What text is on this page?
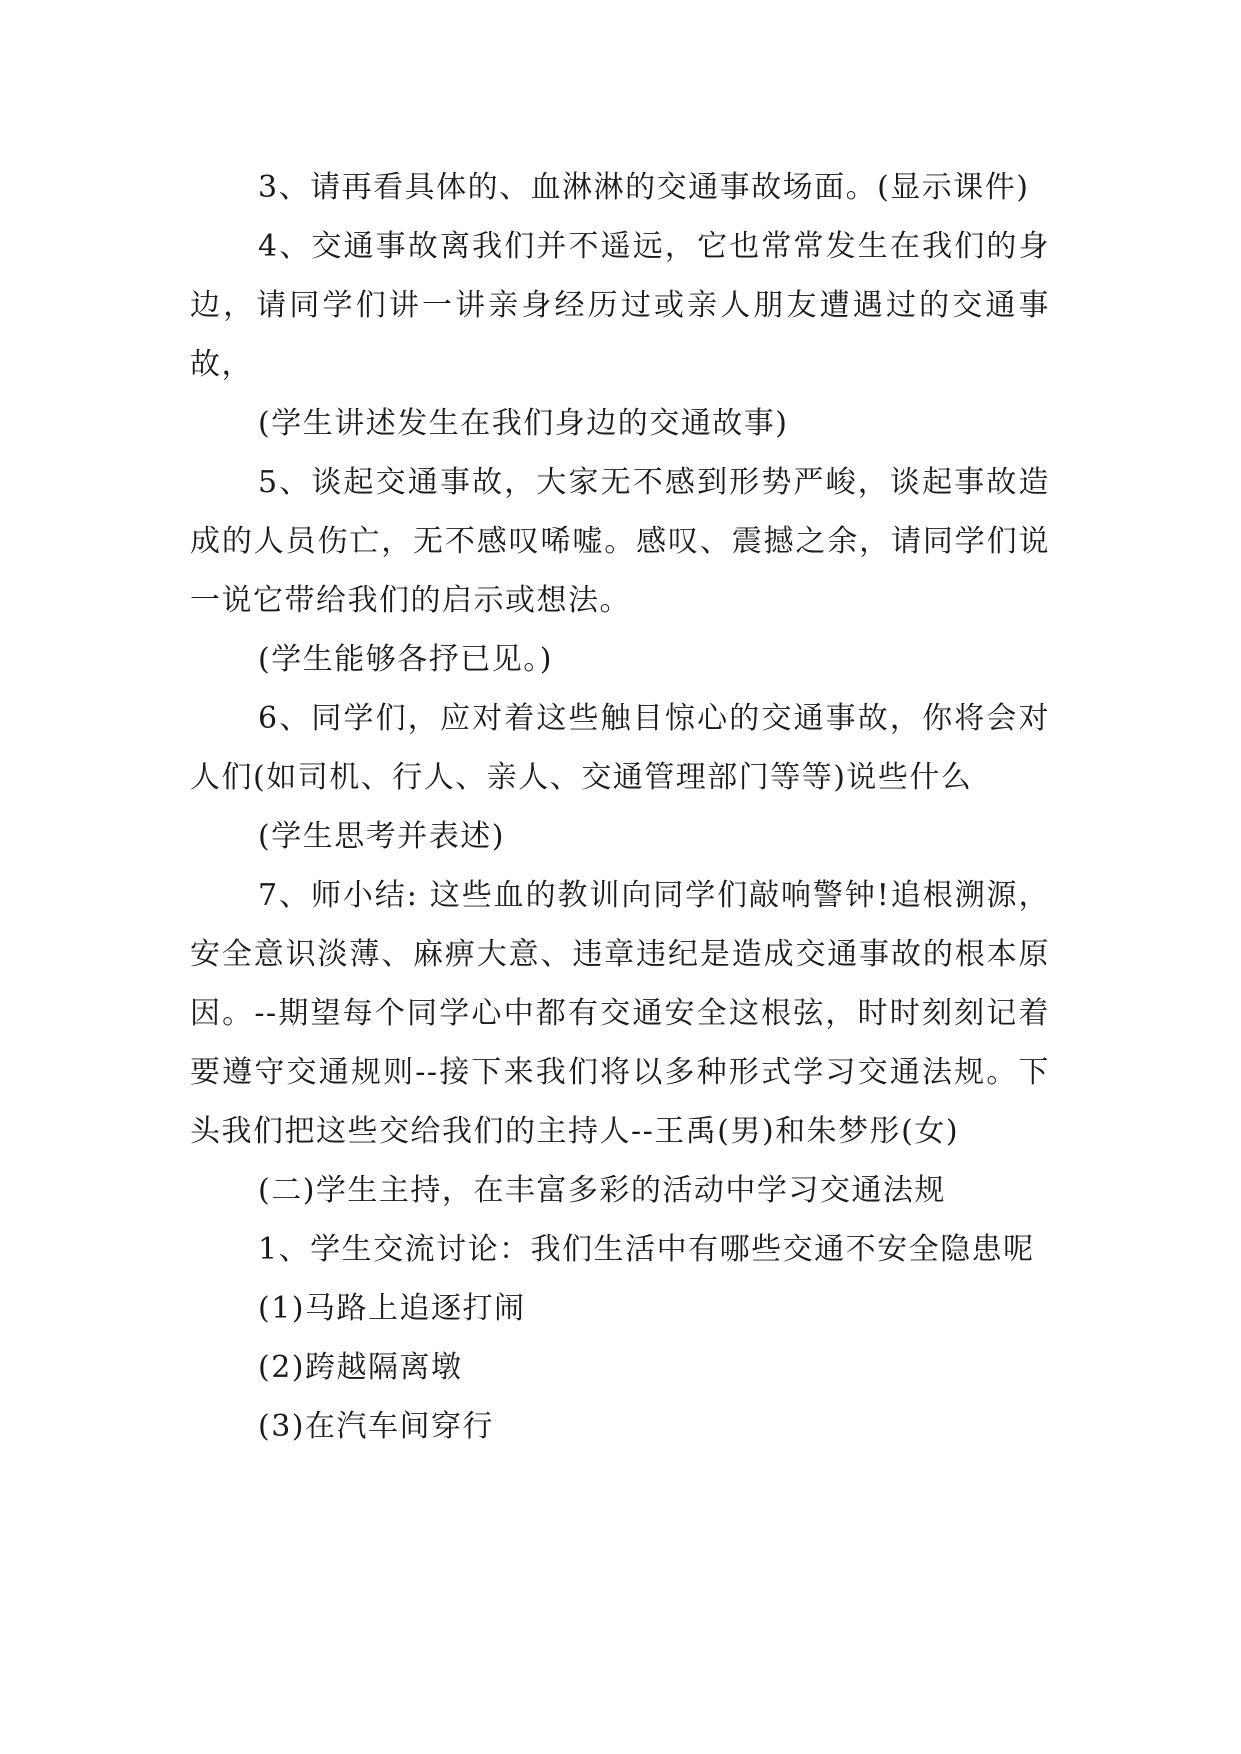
3、请再看具体的、血淋淋的交通事故场面。(显示课件)

4、交通事故离我们并不遥远，它也常常发生在我们的身边，请同学们讲一讲亲身经历过或亲人朋友遭遇过的交通事故，

(学生讲述发生在我们身边的交通故事)

5、谈起交通事故，大家无不感到形势严峻，谈起事故造成的人员伤亡，无不感叹唏嘘。感叹、震撼之余，请同学们说一说它带给我们的启示或想法。

(学生能够各抒已见。)

6、同学们，应对着这些触目惊心的交通事故，你将会对人们(如司机、行人、亲人、交通管理部门等等)说些什么

(学生思考并表述)

7、师小结: 这些血的教训向同学们敲响警钟!追根溯源，安全意识淡薄、麻痹大意、违章违纪是造成交通事故的根本原因。--期望每个同学心中都有交通安全这根弦，时时刻刻记着要遵守交通规则--接下来我们将以多种形式学习交通法规。下头我们把这些交给我们的主持人--王禹(男)和朱梦彤(女)

(二)学生主持，在丰富多彩的活动中学习交通法规

1、学生交流讨论：我们生活中有哪些交通不安全隐患呢

(1)马路上追逐打闹

(2)跨越隔离墩

(3)在汽车间穿行
